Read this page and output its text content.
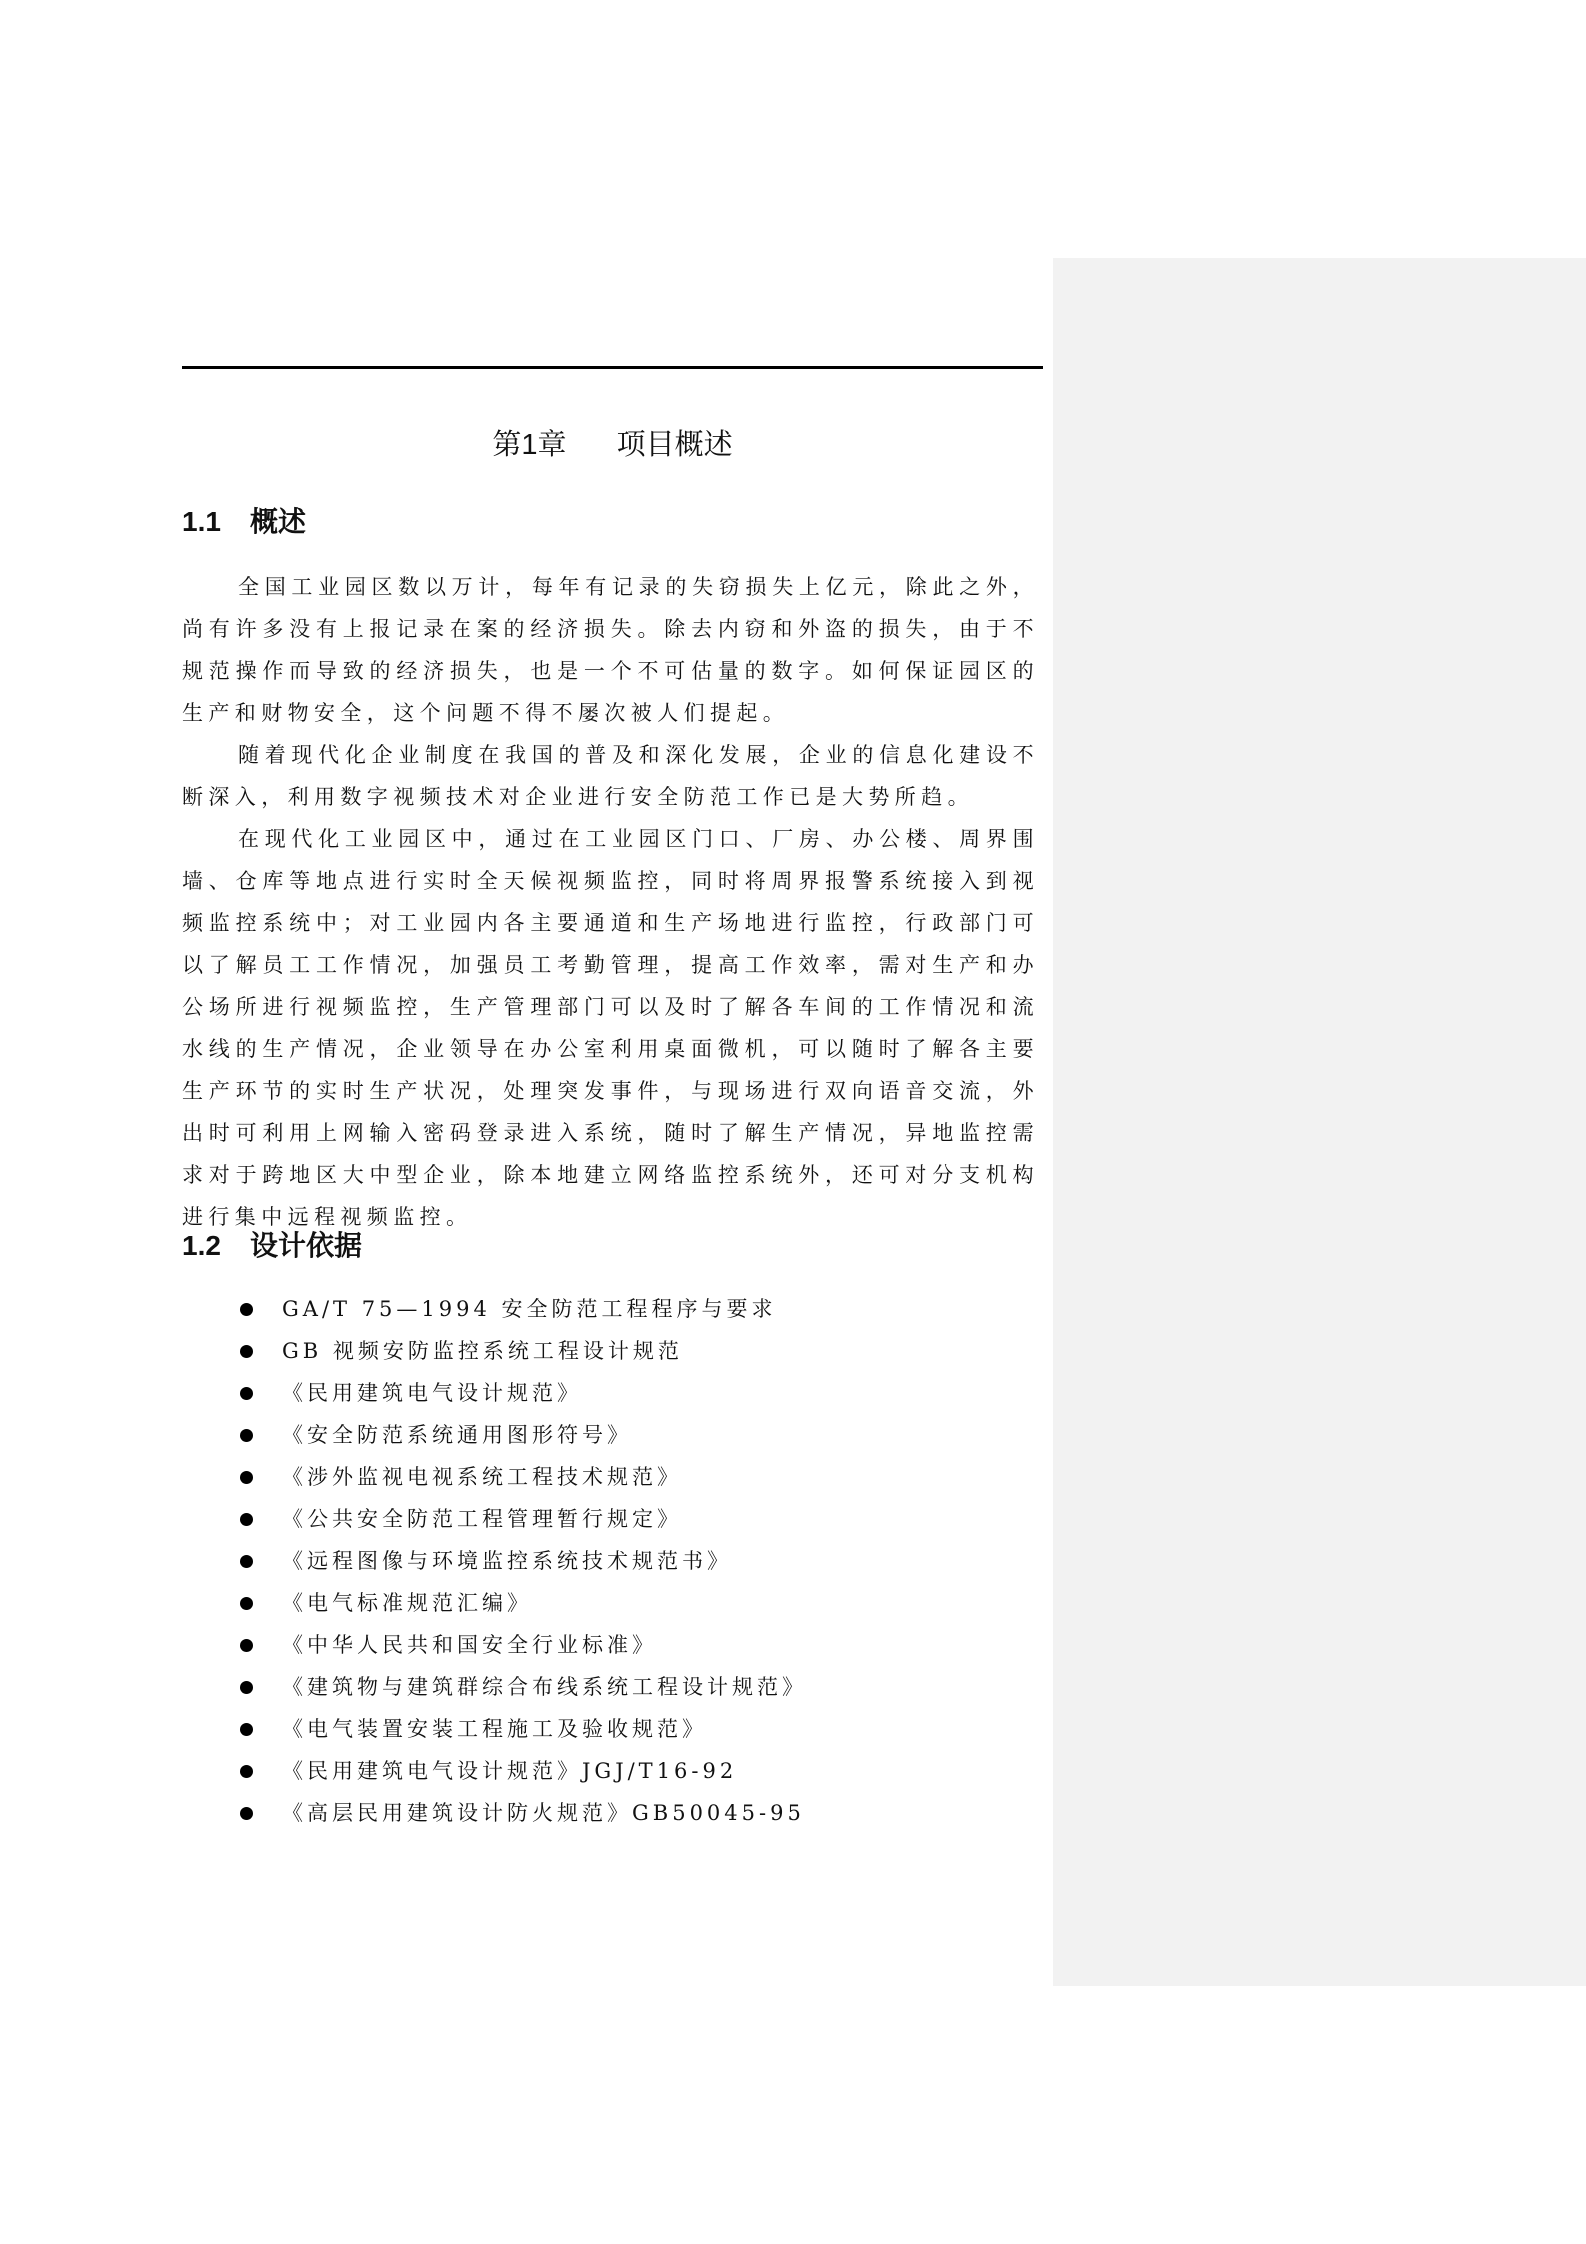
第1章 项目概述
1.1 概述

全国工业园区数以万计，每年有记录的失窃损失上亿元，除此之外，尚有许多没有上报记录在案的经济损失。除去内窃和外盗的损失，由于不规范操作而导致的经济损失，也是一个不可估量的数字。如何保证园区的生产和财物安全，这个问题不得不屡次被人们提起。

随着现代化企业制度在我国的普及和深化发展，企业的信息化建设不断深入，利用数字视频技术对企业进行安全防范工作已是大势所趋。

在现代化工业园区中，通过在工业园区门口、厂房、办公楼、周界围墙、仓库等地点进行实时全天候视频监控，同时将周界报警系统接入到视频监控系统中；对工业园内各主要通道和生产场地进行监控，行政部门可以了解员工工作情况，加强员工考勤管理，提高工作效率，需对生产和办公场所进行视频监控，生产管理部门可以及时了解各车间的工作情况和流水线的生产情况，企业领导在办公室利用桌面微机，可以随时了解各主要生产环节的实时生产状况，处理突发事件，与现场进行双向语音交流，外出时可利用上网输入密码登录进入系统，随时了解生产情况，异地监控需求对于跨地区大中型企业，除本地建立网络监控系统外，还可对分支机构进行集中远程视频监控。

1.2 设计依据
GA/T 75—1994 安全防范工程程序与要求
GB 视频安防监控系统工程设计规范
《民用建筑电气设计规范》
《安全防范系统通用图形符号》
《涉外监视电视系统工程技术规范》
《公共安全防范工程管理暂行规定》
《远程图像与环境监控系统技术规范书》
《电气标准规范汇编》
《中华人民共和国安全行业标准》
《建筑物与建筑群综合布线系统工程设计规范》
《电气装置安装工程施工及验收规范》
《民用建筑电气设计规范》JGJ/T16-92
《高层民用建筑设计防火规范》GB50045-95
